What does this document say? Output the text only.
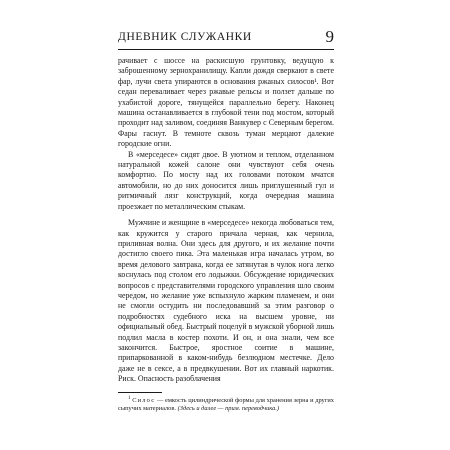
ДНЕВНИК СЛУЖАНКИ	9

рачивает с шоссе на раскисшую грунтовку, ведущую к заброшенному зернохранилищу. Капли дождя сверкают в свете фар, лучи света упираются в основания ржаных силосов¹. Вот седан переваливает через ржавые рельсы и ползет дальше по ухабистой дороге, тянущейся параллельно берегу. Наконец машина останавливается в глубокой тени под мостом, который проходит над заливом, соединяя Ванкувер с Северным берегом. Фары гаснут. В темноте сквозь туман мерцают далекие городские огни.

В «мерседесе» сидят двое. В уютном и теплом, отделанном натуральной кожей салоне они чувствуют себя очень комфортно. По мосту над их головами потоком мчатся автомобили, но до них доносится лишь приглушенный гул и ритмичный лязг конструкций, когда очередная машина проезжает по металлическим стыкам.

Мужчине и женщине в «мерседесе» некогда любоваться тем, как кружится у старого причала черная, как чернила, приливная волна. Они здесь для другого, и их желание почти достигло своего пика. Эта маленькая игра началась утром, во время делового завтрака, когда ее затянутая в чулок нога легко коснулась под столом его лодыжки. Обсуждение юридических вопросов с представителями городского управления шло своим чередом, но желание уже вспыхнуло жарким пламенем, и они не смогли остудить ни последовавший за этим разговор о подробностях судебного иска на высшем уровне, ни официальный обед. Быстрый поцелуй в мужской уборной лишь подлил масла в костер похоти. И он, и она знали, чем все закончится. Быстрое, яростное соитие в машине, припаркованной в каком-нибудь безлюдном местечке. Дело даже не в сексе, а в предвкушении. Вот их главный наркотик. Риск. Опасность разоблачения

$^1$ Силос — емкость цилиндрической формы для хранения зерна и других сыпучих материалов. (Здесь и далее — прим. переводчика.)
